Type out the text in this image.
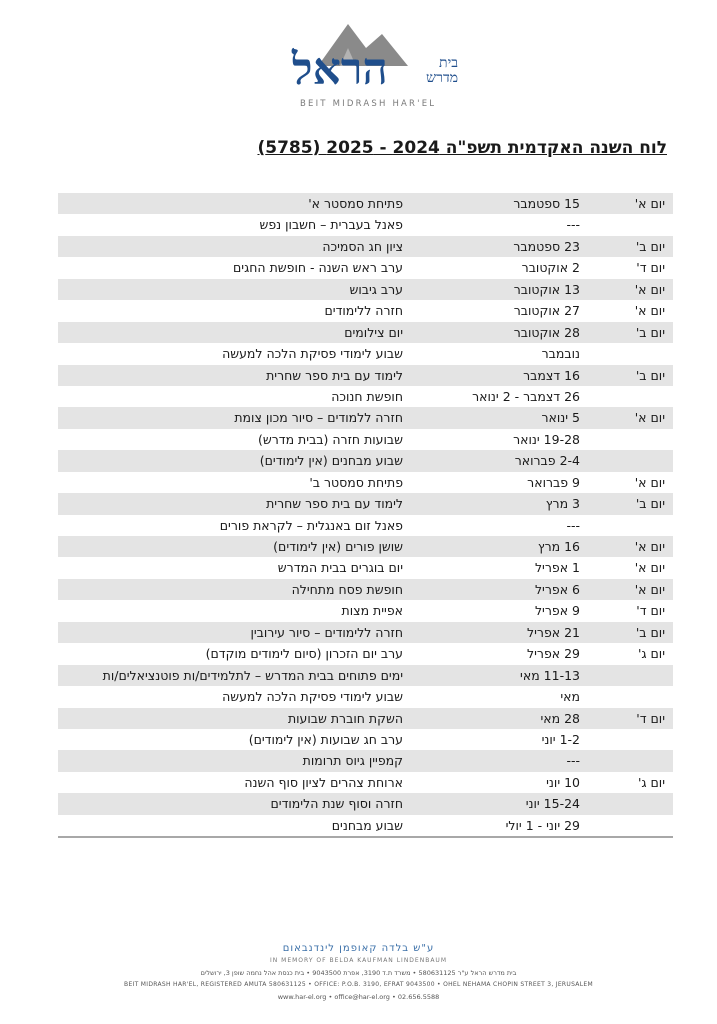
הראל	בית
מדרש
BEIT MIDRASH HAR'EL
לוח השנה האקדמית תשפ"ה 2024 - 2025 (5785)
יום א'
15 ספטמבר
פתיחת סמסטר א'
---
פאנל בעברית – חשבון נפש
יום ב'
23 ספטמבר
ציון חג הסמיכה
יום ד'
2 אוקטובר
ערב ראש השנה - חופשת החגים
יום א'
13 אוקטובר
ערב גיבוש
יום א'
27 אוקטובר
חזרה ללימודים
יום ב'
28 אוקטובר
יום צילומים
נובמבר
שבוע לימודי פסיקת הלכה למעשה
יום ב'
16 דצמבר
לימוד עם בית ספר שחרית
26 דצמבר - 2 ינואר
חופשת חנוכה
יום א'
5 ינואר
חזרה ללמודים – סיור מכון צומת
19-28 ינואר
שבועות חזרה (בבית מדרש)
2-4 פברואר
שבוע מבחנים (אין לימודים)
יום א'
9 פברואר
פתיחת סמסטר ב'
יום ב'
3 מרץ
לימוד עם בית ספר שחרית
---
פאנל זום באנגלית – לקראת פורים
יום א'
16 מרץ
שושן פורים (אין לימודים)
יום א'
1 אפריל
יום בוגרים בבית המדרש
יום א'
6 אפריל
חופשת פסח מתחילה
יום ד'
9 אפריל
אפיית מצות
יום ב'
21 אפריל
חזרה ללימודים – סיור עירובין
יום ג'
29 אפריל
ערב יום הזכרון (סיום לימודים מוקדם)
11-13 מאי
ימים פתוחים בבית המדרש – לתלמידים/ות פוטנציאלים/ות
מאי
שבוע לימודי פסיקת הלכה למעשה
יום ד'
28 מאי
השקת חוברת שבועות
1-2 יוני
ערב חג שבועות (אין לימודים)
---
קמפיין גיוס תרומות
יום ג'
10 יוני
ארוחת צהרים לציון סוף השנה
15-24 יוני
חזרה וסוף שנת הלימודים
29 יוני - 1 יולי
שבוע מבחנים
ע"ש בלדה קאופמן לינדנבאום
IN MEMORY OF BELDA KAUFMAN LINDENBAUM
בית מדרש הראל ע"ר 580631125 • משרד ת.ד 3190, אפרת 9043500 • בית כנסת אהל נחמה שופן 3, ירושלים
BEIT MIDRASH HAR'EL, REGISTERED AMUTA 580631125 • OFFICE: P.O.B. 3190, EFRAT 9043500 • OHEL NEHAMA CHOPIN STREET 3, JERUSALEM
www.har-el.org • office@har-el.org • 02.656.5588
